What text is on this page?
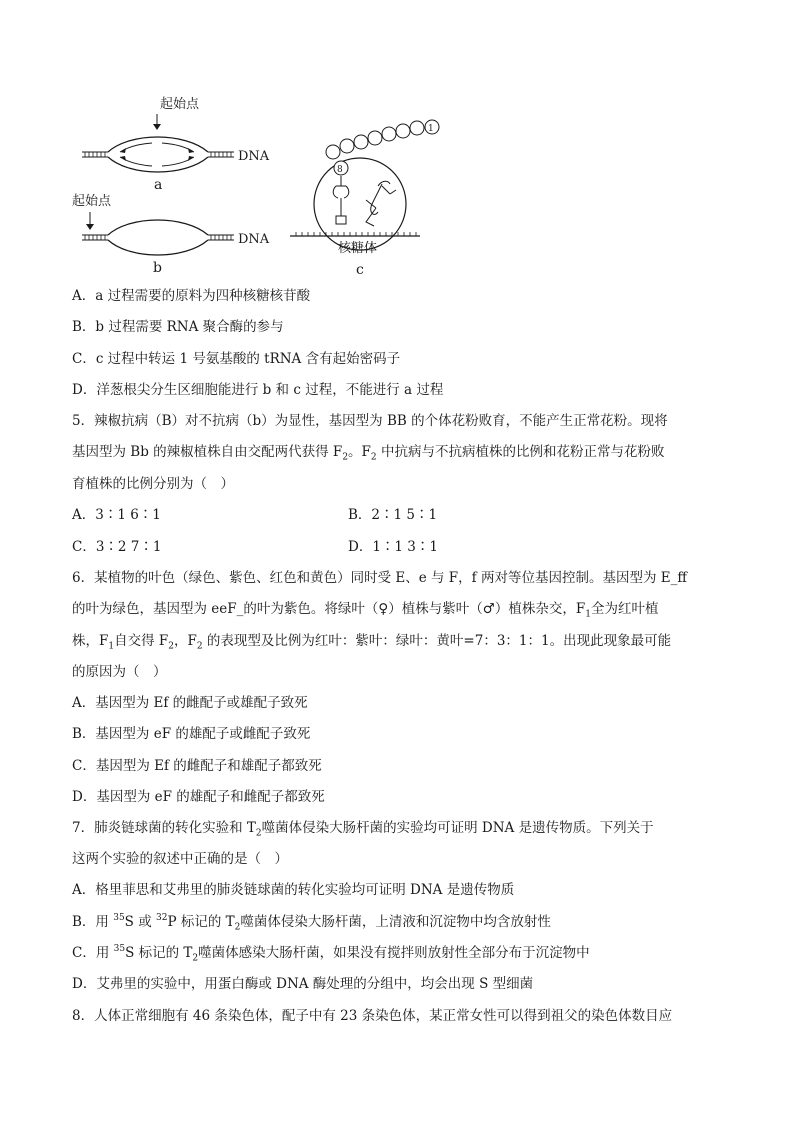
起始点
DNA
a
起始点
DNA
b
1
8
核糖体
c
A．a 过程需要的原料为四种核糖核苷酸
B．b 过程需要 RNA 聚合酶的参与
C．c 过程中转运 1 号氨基酸的 tRNA 含有起始密码子
D．洋葱根尖分生区细胞能进行 b 和 c 过程，不能进行 a 过程
5．辣椒抗病（B）对不抗病（b）为显性，基因型为 BB 的个体花粉败育，不能产生正常花粉。现将
基因型为 Bb 的辣椒植株自由交配两代获得 $F_2$。$F_2$ 中抗病与不抗病植株的比例和花粉正常与花粉败
育植株的比例分别为（　）
A．3∶1 6∶1	B．2∶1 5∶1
C．3∶2 7∶1	D．1∶1 3∶1
6．某植物的叶色（绿色、紫色、红色和黄色）同时受 E、e 与 F，f 两对等位基因控制。基因型为 E_ff
的叶为绿色，基因型为 eeF_的叶为紫色。将绿叶（♀）植株与紫叶（♂）植株杂交，$F_1$全为红叶植
株，$F_1$自交得 $F_2$，$F_2$ 的表现型及比例为红叶：紫叶：绿叶：黄叶=7：3：1：1。出现此现象最可能
的原因为（　）
A．基因型为 Ef 的雌配子或雄配子致死
B．基因型为 eF 的雄配子或雌配子致死
C．基因型为 Ef 的雌配子和雄配子都致死
D．基因型为 eF 的雄配子和雌配子都致死
7．肺炎链球菌的转化实验和 $T_2$噬菌体侵染大肠杆菌的实验均可证明 DNA 是遗传物质。下列关于
这两个实验的叙述中正确的是（　）
A．格里菲思和艾弗里的肺炎链球菌的转化实验均可证明 DNA 是遗传物质
B．用 $^{35}$S 或 $^{32}$P 标记的 $T_2$噬菌体侵染大肠杆菌，上清液和沉淀物中均含放射性
C．用 $^{35}$S 标记的 $T_2$噬菌体感染大肠杆菌，如果没有搅拌则放射性全部分布于沉淀物中
D．艾弗里的实验中，用蛋白酶或 DNA 酶处理的分组中，均会出现 S 型细菌
8．人体正常细胞有 46 条染色体，配子中有 23 条染色体，某正常女性可以得到祖父的染色体数目应
